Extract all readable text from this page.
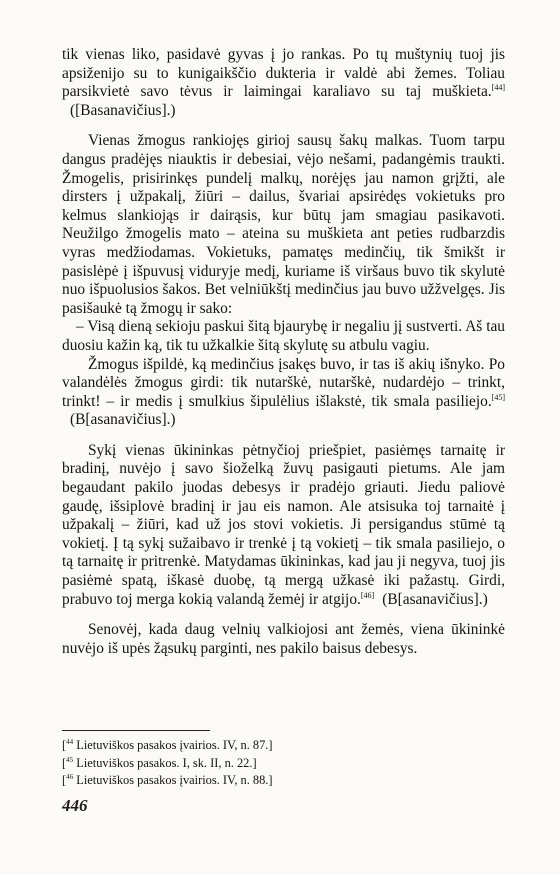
tik vienas liko, pasidavė gyvas į jo rankas. Po tų muštynių tuoj jis apsiženijo su to kunigaikščio dukteria ir valdė abi žemes. Toliau parsikvietė savo tėvus ir laimingai karaliavo su taj muškieta.[44]([Basanavičius].)

Vienas žmogus rankiojęs girioj sausų šakų malkas. Tuom tarpu dangus pradėjęs niauktis ir debesiai, vėjo nešami, padangėmis traukti. Žmogelis, prisirinkęs pundelį malkų, norėjęs jau namon grįžti, ale dirsters į užpakalį, žiūri – dailus, švariai apsirėdęs vokietuks pro kelmus slankiojąs ir dairąsis, kur būtų jam smagiau pasikavoti. Neužilgo žmogelis mato – ateina su muškieta ant peties rudbarzdis vyras medžiodamas. Vokietuks, pamatęs medinčių, tik šmikšt ir pasislėpė į išpuvusį viduryje medį, kuriame iš viršaus buvo tik skylutė nuo išpuolusios šakos. Bet velniūkštį medinčius jau buvo užžvelgęs. Jis pasišaukė tą žmogų ir sako:

– Visą dieną sekioju paskui šitą bjaurybę ir negaliu jį sustverti. Aš tau duosiu kažin ką, tik tu užkalkie šitą skylutę su atbulu vagiu.

Žmogus išpildė, ką medinčius įsakęs buvo, ir tas iš akių išnyko. Po valandėlės žmogus girdi: tik nutarškė, nutarškė, nudardėjo – trinkt, trinkt! – ir medis į smulkius šipulėlius išlakstė, tik smala pasiliejo.[45](B[asanavičius].)

Sykį vienas ūkininkas pėtnyčioj priešpiet, pasiėmęs tarnaitę ir bradinį, nuvėjo į savo šioželką žuvų pasigauti pietums. Ale jam begaudant pakilo juodas debesys ir pradėjo griauti. Jiedu paliovė gaudę, išsiplovė bradinį ir jau eis namon. Ale atsisuka toj tarnaitė į užpakalį – žiūri, kad už jos stovi vokietis. Ji persigandus stūmė tą vokietį. Į tą sykį sužaibavo ir trenkė į tą vokietį – tik smala pasiliejo, o tą tarnaitę ir pritrenkė. Matydamas ūkininkas, kad jau ji negyva, tuoj jis pasiėmė spatą, iškasė duobę, tą mergą užkasė iki pažastų. Girdi, prabuvo toj merga kokią valandą žemėj ir atgijo.[46] (B[asanavičius].)

Senovėj, kada daug velnių valkiojosi ant žemės, viena ūkininkė nuvėjo iš upės žąsukų parginti, nes pakilo baisus debesys.

[$^{44}$ Lietuviškos pasakos įvairios. IV, n. 87.]
[$^{45}$ Lietuviškos pasakos. I, sk. II, n. 22.]
[$^{46}$ Lietuviškos pasakos įvairios. IV, n. 88.]
446
